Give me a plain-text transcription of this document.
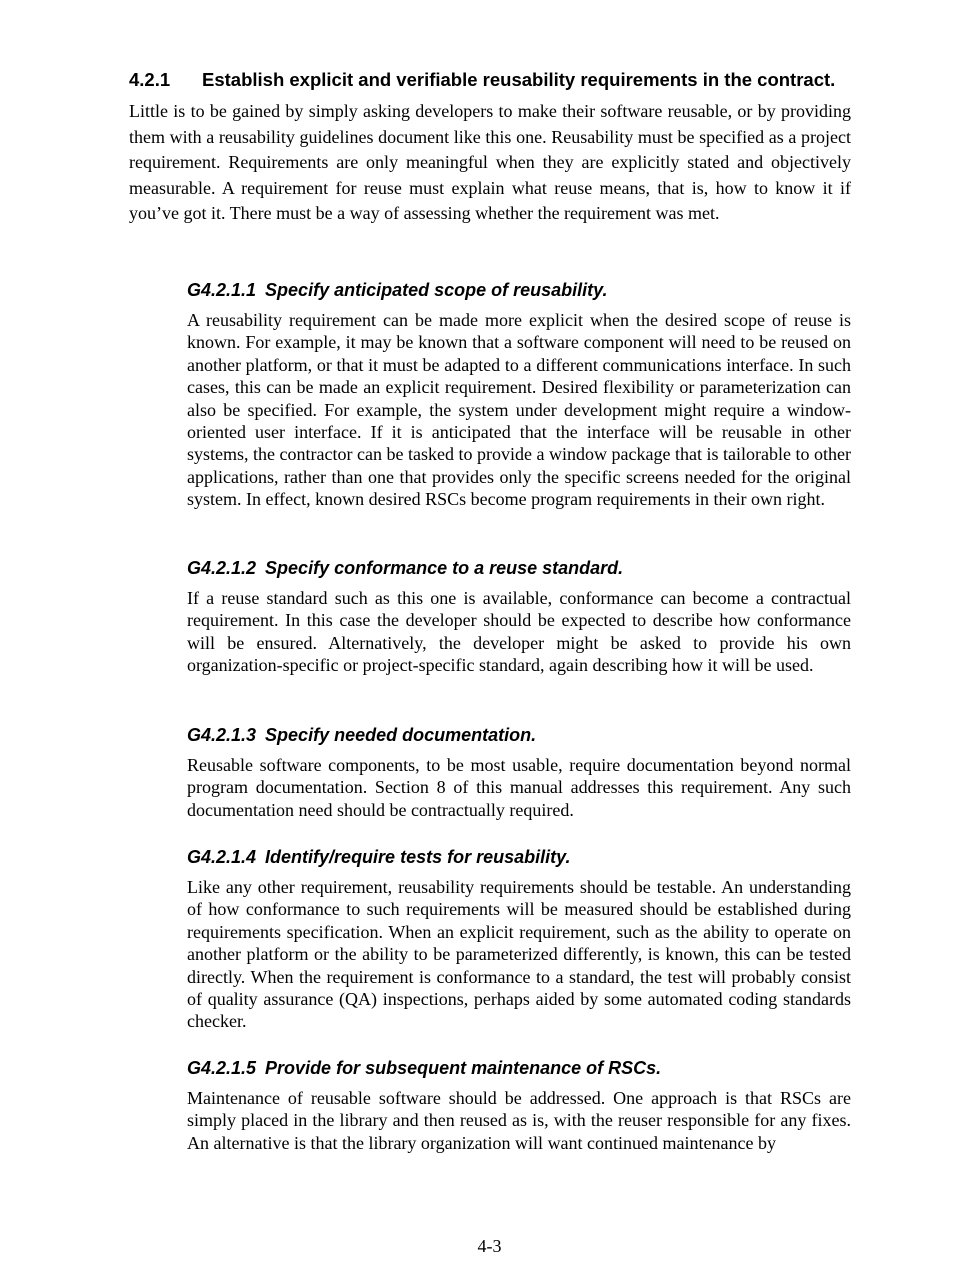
4.2.1 Establish explicit and verifiable reusability requirements in the contract.

Little is to be gained by simply asking developers to make their software reusable, or by providing them with a reusability guidelines document like this one. Reusability must be specified as a project requirement. Requirements are only meaningful when they are explicitly stated and objectively measurable. A requirement for reuse must explain what reuse means, that is, how to know it if you’ve got it. There must be a way of assessing whether the requirement was met.

G4.2.1.1 Specify anticipated scope of reusability.

A reusability requirement can be made more explicit when the desired scope of reuse is known. For example, it may be known that a software component will need to be reused on another platform, or that it must be adapted to a different communications interface. In such cases, this can be made an explicit requirement. Desired flexibility or parameterization can also be specified. For example, the system under development might require a window-oriented user interface. If it is anticipated that the interface will be reusable in other systems, the contractor can be tasked to provide a window package that is tailorable to other applications, rather than one that provides only the specific screens needed for the original system. In effect, known desired RSCs become program requirements in their own right.

G4.2.1.2 Specify conformance to a reuse standard.

If a reuse standard such as this one is available, conformance can become a contractual requirement. In this case the developer should be expected to describe how conformance will be ensured. Alternatively, the developer might be asked to provide his own organization-specific or project-specific standard, again describing how it will be used.

G4.2.1.3 Specify needed documentation.

Reusable software components, to be most usable, require documentation beyond normal program documentation. Section 8 of this manual addresses this requirement. Any such documentation need should be contractually required.

G4.2.1.4 Identify/require tests for reusability.

Like any other requirement, reusability requirements should be testable. An understanding of how conformance to such requirements will be measured should be established during requirements specification. When an explicit requirement, such as the ability to operate on another platform or the ability to be parameterized differently, is known, this can be tested directly. When the requirement is conformance to a standard, the test will probably consist of quality assurance (QA) inspections, perhaps aided by some automated coding standards checker.

G4.2.1.5 Provide for subsequent maintenance of RSCs.

Maintenance of reusable software should be addressed. One approach is that RSCs are simply placed in the library and then reused as is, with the reuser responsible for any fixes. An alternative is that the library organization will want continued maintenance by

4-3
